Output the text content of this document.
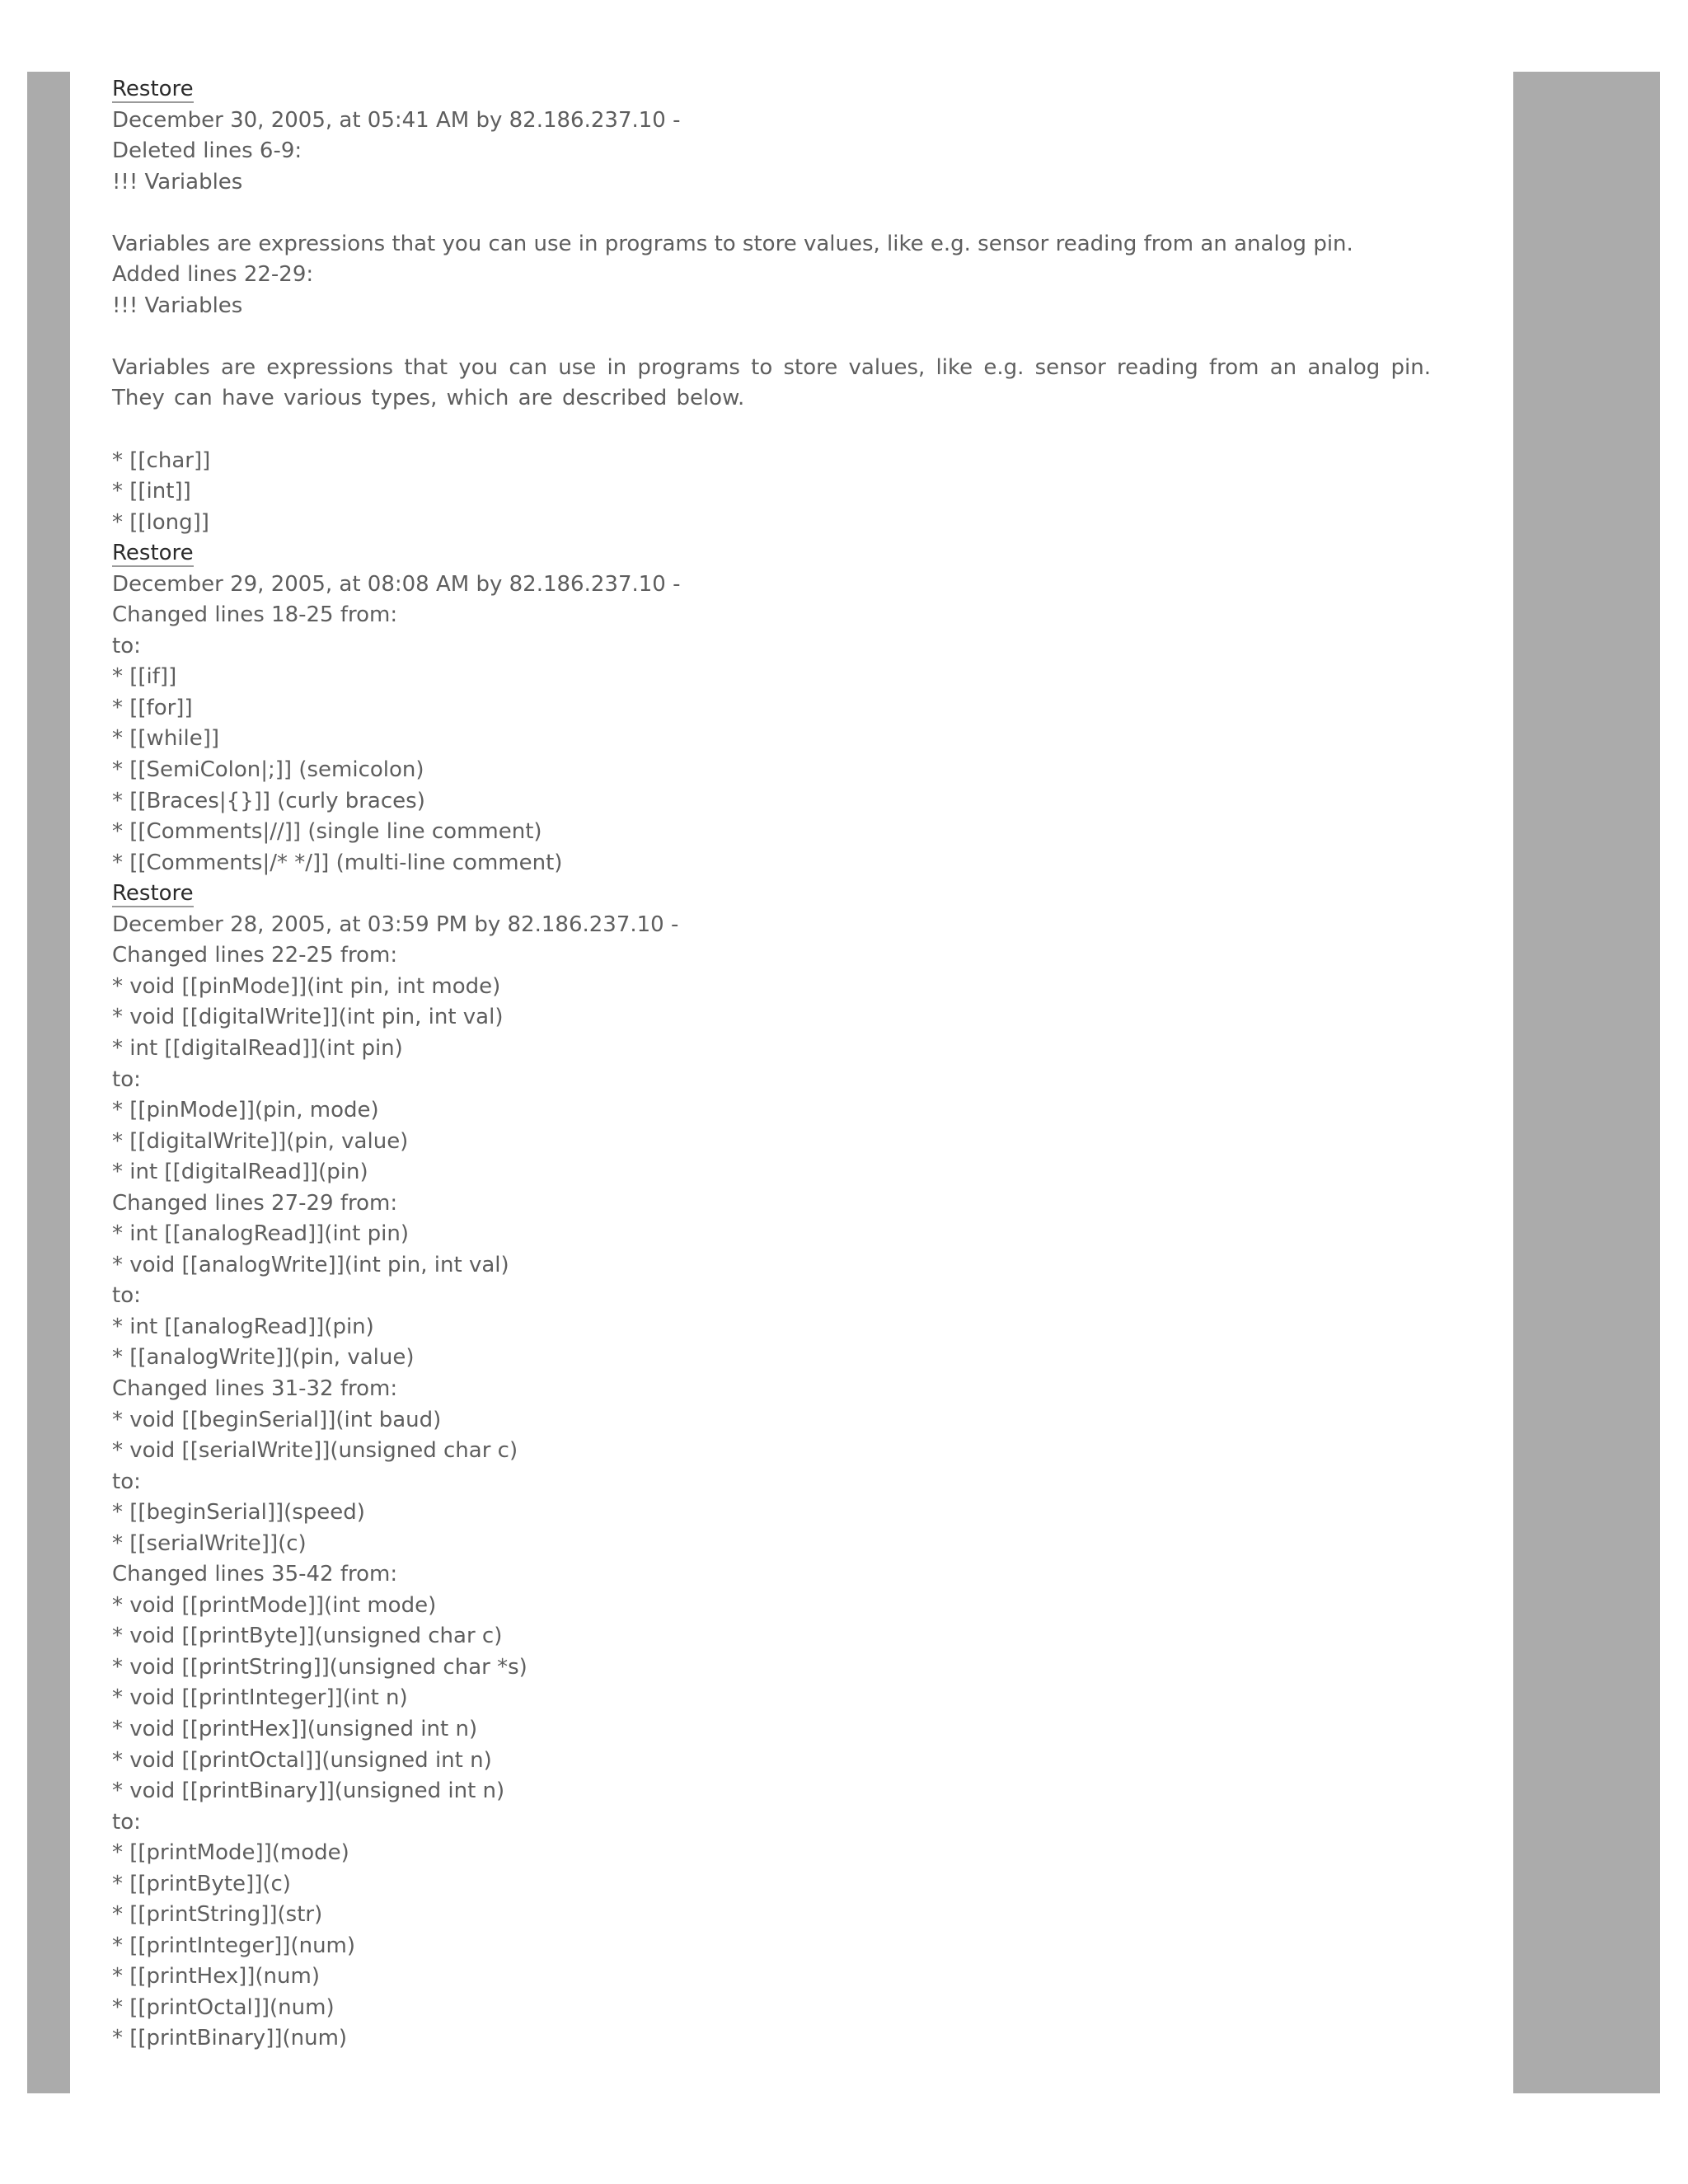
Restore
December 30, 2005, at 05:41 AM by 82.186.237.10 -
Deleted lines 6-9:
!!! Variables
Variables are expressions that you can use in programs to store values, like e.g. sensor reading from an analog pin.
Added lines 22-29:
!!! Variables
Variables are expressions that you can use in programs to store values, like e.g. sensor reading from an analog pin. They can have various types, which are described below.
* [[char]]
* [[int]]
* [[long]]
Restore
December 29, 2005, at 08:08 AM by 82.186.237.10 -
Changed lines 18-25 from:
to:
* [[if]]
* [[for]]
* [[while]]
* [[SemiColon|;]] (semicolon)
* [[Braces|{}]] (curly braces)
* [[Comments|//]] (single line comment)
* [[Comments|/* */]] (multi-line comment)
Restore
December 28, 2005, at 03:59 PM by 82.186.237.10 -
Changed lines 22-25 from:
* void [[pinMode]](int pin, int mode)
* void [[digitalWrite]](int pin, int val)
* int [[digitalRead]](int pin)
to:
* [[pinMode]](pin, mode)
* [[digitalWrite]](pin, value)
* int [[digitalRead]](pin)
Changed lines 27-29 from:
* int [[analogRead]](int pin)
* void [[analogWrite]](int pin, int val)
to:
* int [[analogRead]](pin)
* [[analogWrite]](pin, value)
Changed lines 31-32 from:
* void [[beginSerial]](int baud)
* void [[serialWrite]](unsigned char c)
to:
* [[beginSerial]](speed)
* [[serialWrite]](c)
Changed lines 35-42 from:
* void [[printMode]](int mode)
* void [[printByte]](unsigned char c)
* void [[printString]](unsigned char *s)
* void [[printInteger]](int n)
* void [[printHex]](unsigned int n)
* void [[printOctal]](unsigned int n)
* void [[printBinary]](unsigned int n)
to:
* [[printMode]](mode)
* [[printByte]](c)
* [[printString]](str)
* [[printInteger]](num)
* [[printHex]](num)
* [[printOctal]](num)
* [[printBinary]](num)
